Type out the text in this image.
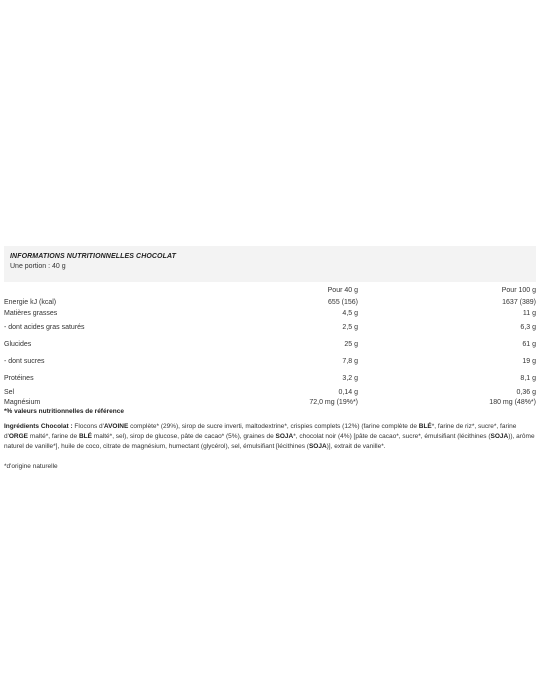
INFORMATIONS NUTRITIONNELLES CHOCOLAT
Une portion : 40 g
	Pour 40 g	Pour 100 g
Energie kJ (kcal)	655 (156)	1637 (389)
Matières grasses	4,5 g	11 g
- dont acides gras saturés	2,5 g	6,3 g
Glucides	25 g	61 g
- dont sucres	7,8 g	19 g
Protéines	3,2 g	8,1 g
Sel	0,14 g	0,36 g
Magnésium	72,0 mg (19%*)	180 mg (48%*)
*% valeurs nutritionnelles de référence
Ingrédients Chocolat : Flocons d'AVOINE complète* (29%), sirop de sucre inverti, maltodextrine*, crispies complets (12%) (farine complète de BLÉ*, farine de riz*, sucre*, farine d'ORGE malté*, farine de BLÉ malté*, sel), sirop de glucose, pâte de cacao* (5%), graines de SOJA*, chocolat noir (4%) [pâte de cacao*, sucre*, émulsifiant (lécithines (SOJA)), arôme naturel de vanille*], huile de coco, citrate de magnésium, humectant (glycérol), sel, émulsifiant [lécithines (SOJA)], extrait de vanille*.
*d'origine naturelle
